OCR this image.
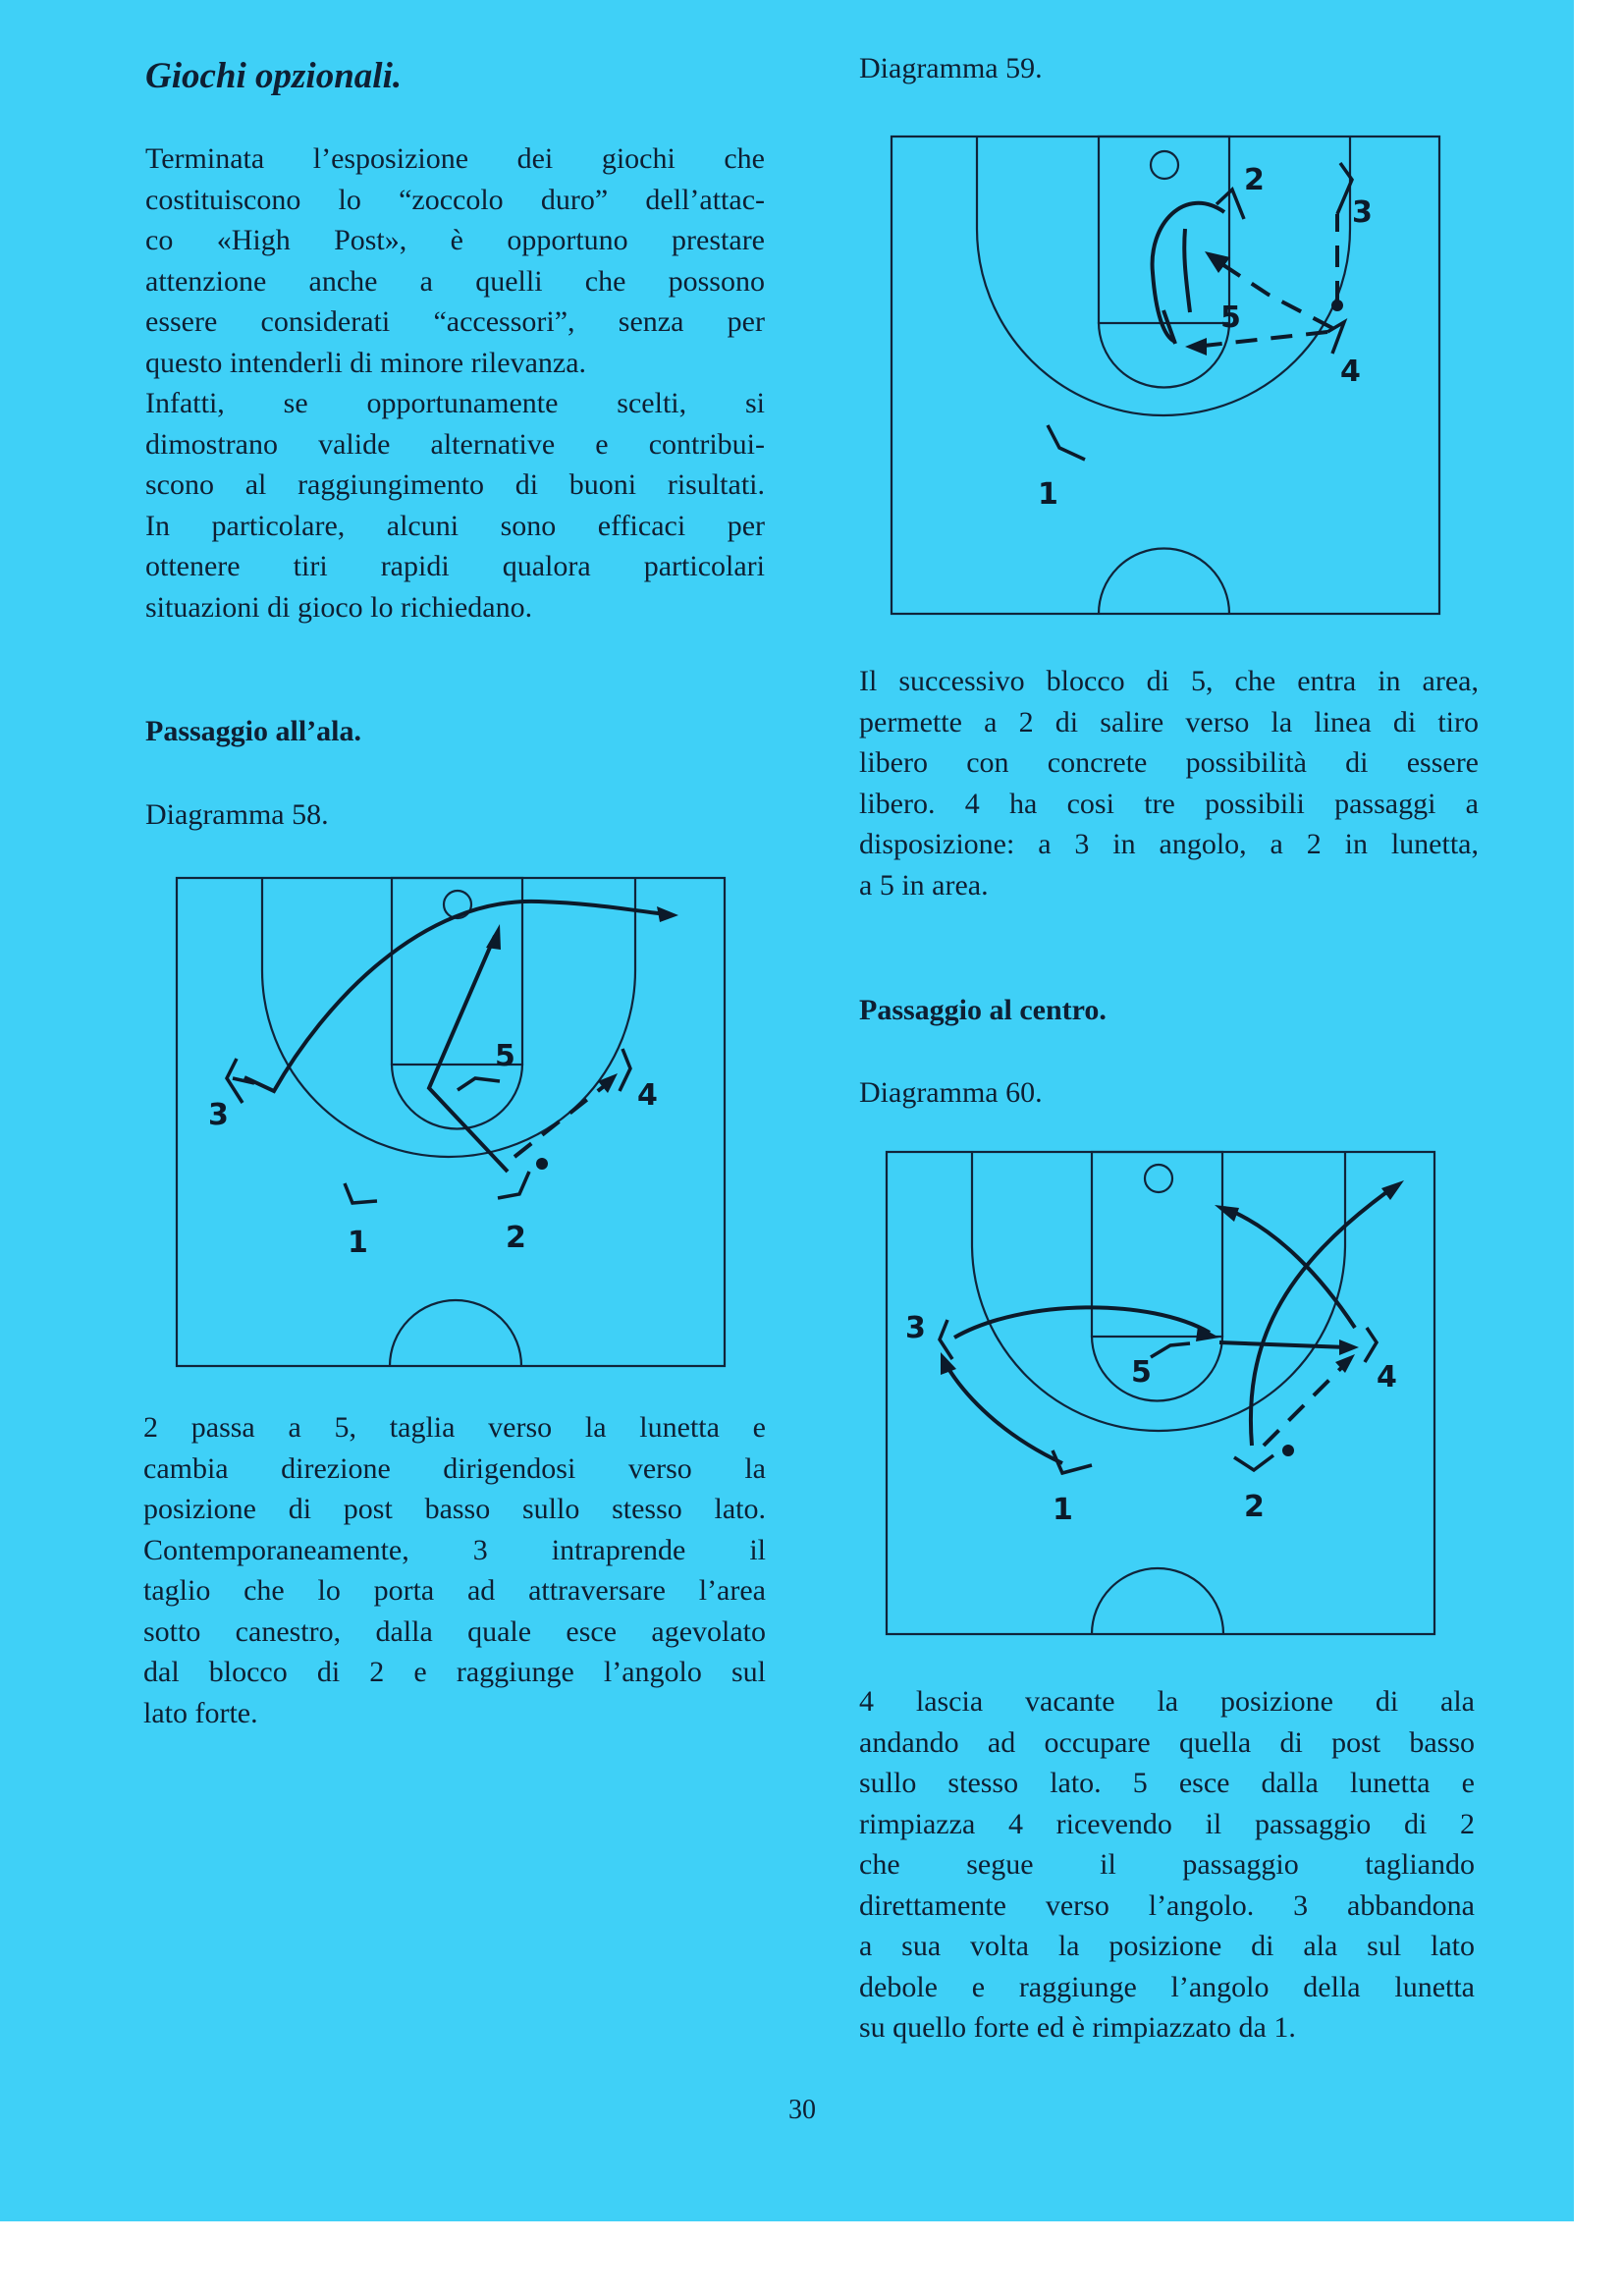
Giochi opzionali.
Terminata l’esposizione dei giochi che
costituiscono lo “zoccolo duro” dell’attac-
co «High Post», è opportuno prestare
attenzione anche a quelli che possono
essere considerati “accessori”, senza per
questo intenderli di minore rilevanza.
Infatti, se opportunamente scelti, si
dimostrano valide alternative e contribui-
scono al raggiungimento di buoni risultati.
In particolare, alcuni sono efficaci per
ottenere tiri rapidi qualora particolari
situazioni di gioco lo richiedano.
Passaggio all’ala.
Diagramma 58.
3
1	2
5
4
2 passa a 5, taglia verso la lunetta e
cambia direzione dirigendosi verso la
posizione di post basso sullo stesso lato.
Contemporaneamente, 3 intraprende il
taglio che lo porta ad attraversare l’area
sotto canestro, dalla quale esce agevolato
dal blocco di 2 e raggiunge l’angolo sul
lato forte.
Diagramma 59.
2
3
4
5
1
Il successivo blocco di 5, che entra in area,
permette a 2 di salire verso la linea di tiro
libero con concrete possibilità di essere
libero. 4 ha cosi tre possibili passaggi a
disposizione: a 3 in angolo, a 2 in lunetta,
a 5 in area.
Passaggio al centro.
Diagramma 60.
3
5	4
1	2
4 lascia vacante la posizione di ala
andando ad occupare quella di post basso
sullo stesso lato. 5 esce dalla lunetta e
rimpiazza 4 ricevendo il passaggio di 2
che segue il passaggio tagliando
direttamente verso l’angolo. 3 abbandona
a sua volta la posizione di ala sul lato
debole e raggiunge l’angolo della lunetta
su quello forte ed è rimpiazzato da 1.
30
